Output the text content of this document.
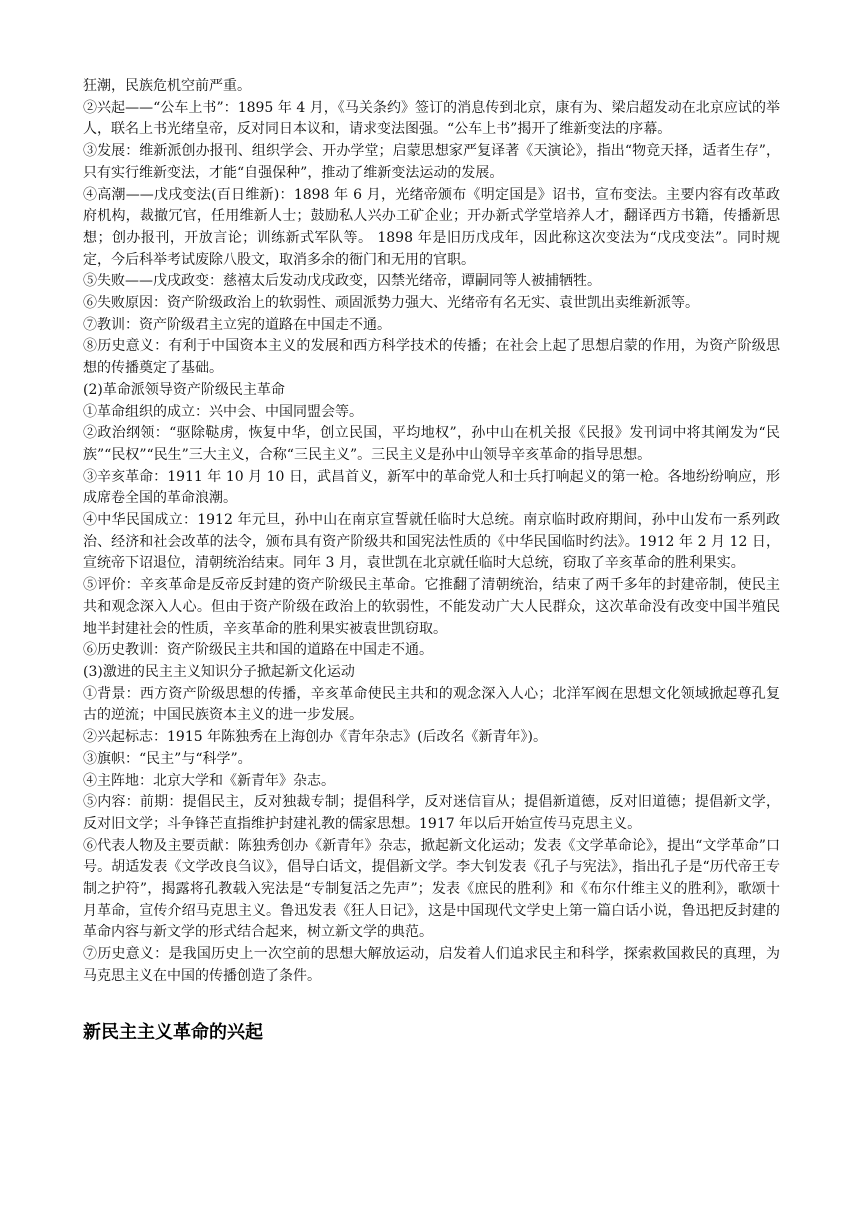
狂潮，民族危机空前严重。

②兴起——“公车上书”：1895 年 4 月，《马关条约》签订的消息传到北京，康有为、梁启超发动在北京应试的举人，联名上书光绪皇帝，反对同日本议和，请求变法图强。“公车上书”揭开了维新变法的序幕。

③发展：维新派创办报刊、组织学会、开办学堂；启蒙思想家严复译著《天演论》，指出“物竞天择，适者生存”，只有实行维新变法，才能“自强保种”，推动了维新变法运动的发展。

④高潮——戊戌变法(百日维新)：1898 年 6 月，光绪帝颁布《明定国是》诏书，宣布变法。主要内容有改革政府机构，裁撤冗官，任用维新人士；鼓励私人兴办工矿企业；开办新式学堂培养人才，翻译西方书籍，传播新思想；创办报刊，开放言论；训练新式军队等。 1898 年是旧历戊戌年，因此称这次变法为“戊戌变法”。同时规定，今后科举考试废除八股文，取消多余的衙门和无用的官职。

⑤失败——戊戌政变：慈禧太后发动戊戌政变，囚禁光绪帝，谭嗣同等人被捕牺牲。

⑥失败原因：资产阶级政治上的软弱性、顽固派势力强大、光绪帝有名无实、袁世凯出卖维新派等。

⑦教训：资产阶级君主立宪的道路在中国走不通。

⑧历史意义：有利于中国资本主义的发展和西方科学技术的传播；在社会上起了思想启蒙的作用，为资产阶级思想的传播奠定了基础。

(2)革命派领导资产阶级民主革命

①革命组织的成立：兴中会、中国同盟会等。

②政治纲领：“驱除鞑虏，恢复中华，创立民国，平均地权”，孙中山在机关报《民报》发刊词中将其阐发为“民族”“民权”“民生”三大主义，合称“三民主义”。三民主义是孙中山领导辛亥革命的指导思想。

③辛亥革命：1911 年 10 月 10 日，武昌首义，新军中的革命党人和士兵打响起义的第一枪。各地纷纷响应，形成席卷全国的革命浪潮。

④中华民国成立：1912 年元旦，孙中山在南京宣誓就任临时大总统。南京临时政府期间，孙中山发布一系列政治、经济和社会改革的法令，颁布具有资产阶级共和国宪法性质的《中华民国临时约法》。1912 年 2 月 12 日，宣统帝下诏退位，清朝统治结束。同年 3 月，袁世凯在北京就任临时大总统，窃取了辛亥革命的胜利果实。

⑤评价：辛亥革命是反帝反封建的资产阶级民主革命。它推翻了清朝统治，结束了两千多年的封建帝制，使民主共和观念深入人心。但由于资产阶级在政治上的软弱性，不能发动广大人民群众，这次革命没有改变中国半殖民地半封建社会的性质，辛亥革命的胜利果实被袁世凯窃取。

⑥历史教训：资产阶级民主共和国的道路在中国走不通。

(3)激进的民主主义知识分子掀起新文化运动

①背景：西方资产阶级思想的传播，辛亥革命使民主共和的观念深入人心；北洋军阀在思想文化领域掀起尊孔复古的逆流；中国民族资本主义的进一步发展。

②兴起标志：1915 年陈独秀在上海创办《青年杂志》(后改名《新青年》)。

③旗帜：“民主”与“科学”。

④主阵地：北京大学和《新青年》杂志。

⑤内容：前期：提倡民主，反对独裁专制；提倡科学，反对迷信盲从；提倡新道德，反对旧道德；提倡新文学，反对旧文学；斗争锋芒直指维护封建礼教的儒家思想。1917 年以后开始宣传马克思主义。

⑥代表人物及主要贡献：陈独秀创办《新青年》杂志，掀起新文化运动；发表《文学革命论》，提出“文学革命”口号。胡适发表《文学改良刍议》，倡导白话文，提倡新文学。李大钊发表《孔子与宪法》，指出孔子是“历代帝王专制之护符”，揭露将孔教载入宪法是“专制复活之先声”；发表《庶民的胜利》和《布尔什维主义的胜利》，歌颂十月革命，宣传介绍马克思主义。鲁迅发表《狂人日记》，这是中国现代文学史上第一篇白话小说，鲁迅把反封建的革命内容与新文学的形式结合起来，树立新文学的典范。

⑦历史意义：是我国历史上一次空前的思想大解放运动，启发着人们追求民主和科学，探索救国救民的真理，为马克思主义在中国的传播创造了条件。

新民主主义革命的兴起
